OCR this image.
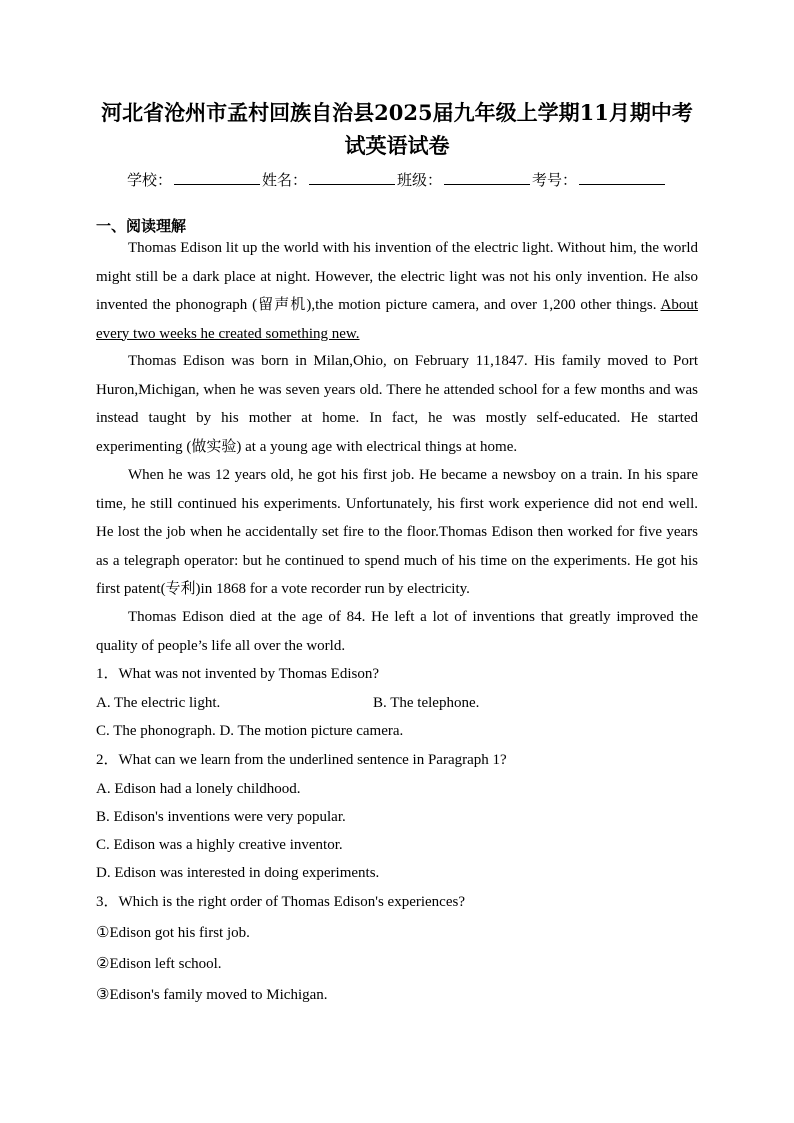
河北省沧州市孟村回族自治县2025届九年级上学期11月期中考试英语试卷
学校：	姓名：	班级：	考号：
一、阅读理解

Thomas Edison lit up the world with his invention of the electric light. Without him, the world might still be a dark place at night. However, the electric light was not his only invention. He also invented the phonograph (留声机),the motion picture camera, and over 1,200 other things. About every two weeks he created something new.

Thomas Edison was born in Milan,Ohio, on February 11,1847. His family moved to Port Huron,Michigan, when he was seven years old. There he attended school for a few months and was instead taught by his mother at home. In fact, he was mostly self-educated. He started experimenting (做实验) at a young age with electrical things at home.

When he was 12 years old, he got his first job. He became a newsboy on a train. In his spare time, he still continued his experiments. Unfortunately, his first work experience did not end well. He lost the job when he accidentally set fire to the floor.Thomas Edison then worked for five years as a telegraph operator: but he continued to spend much of his time on the experiments. He got his first patent(专利)in 1868 for a vote recorder run by electricity.

Thomas Edison died at the age of 84. He left a lot of inventions that greatly improved the quality of people’s life all over the world.

1．What was not invented by Thomas Edison?
A. The electric light.	B. The telephone.
C. The phonograph. D. The motion picture camera.
2．What can we learn from the underlined sentence in Paragraph 1?
A. Edison had a lonely childhood.
B. Edison's inventions were very popular.
C. Edison was a highly creative inventor.
D. Edison was interested in doing experiments.
3．Which is the right order of Thomas Edison's experiences?
①Edison got his first job.
②Edison left school.
③Edison's family moved to Michigan.
